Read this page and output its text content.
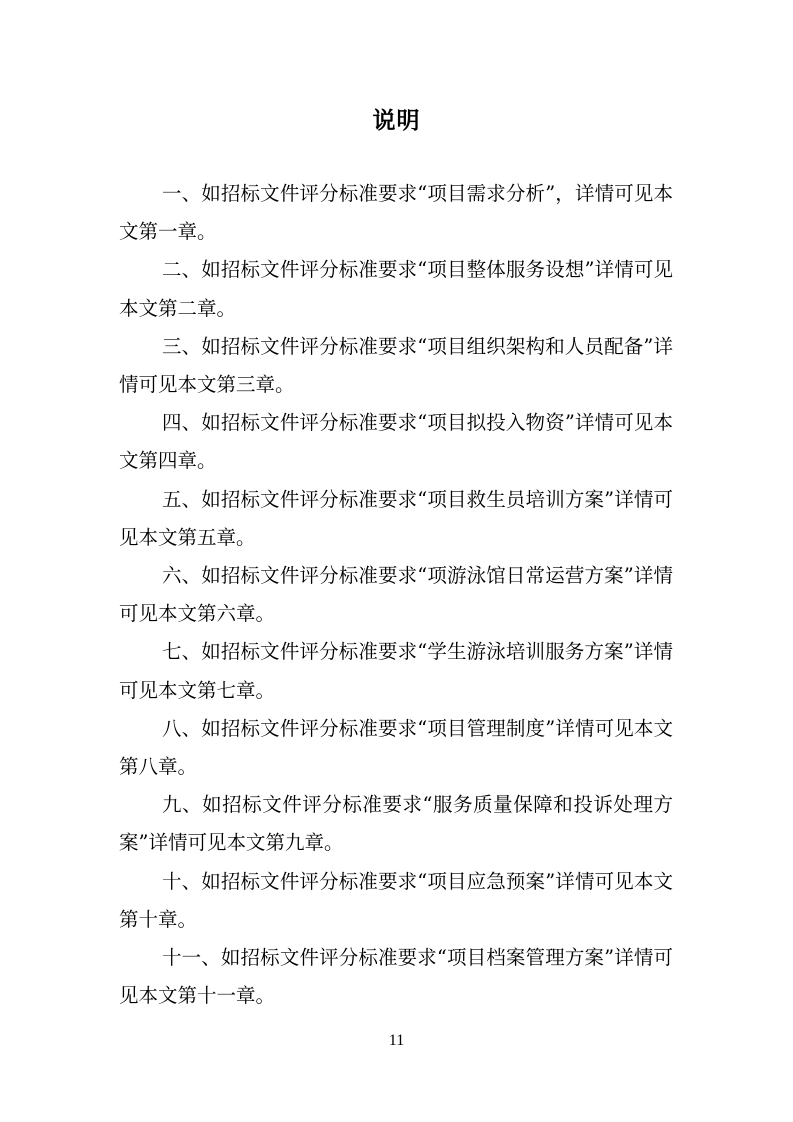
说明

一、如招标文件评分标准要求“项目需求分析”，详情可见本文第一章。

二、如招标文件评分标准要求“项目整体服务设想”详情可见本文第二章。

三、如招标文件评分标准要求“项目组织架构和人员配备”详情可见本文第三章。

四、如招标文件评分标准要求“项目拟投入物资”详情可见本文第四章。

五、如招标文件评分标准要求“项目救生员培训方案”详情可见本文第五章。

六、如招标文件评分标准要求“项游泳馆日常运营方案”详情可见本文第六章。

七、如招标文件评分标准要求“学生游泳培训服务方案”详情可见本文第七章。

八、如招标文件评分标准要求“项目管理制度”详情可见本文第八章。

九、如招标文件评分标准要求“服务质量保障和投诉处理方案”详情可见本文第九章。

十、如招标文件评分标准要求“项目应急预案”详情可见本文第十章。

十一、如招标文件评分标准要求“项目档案管理方案”详情可见本文第十一章。

11
